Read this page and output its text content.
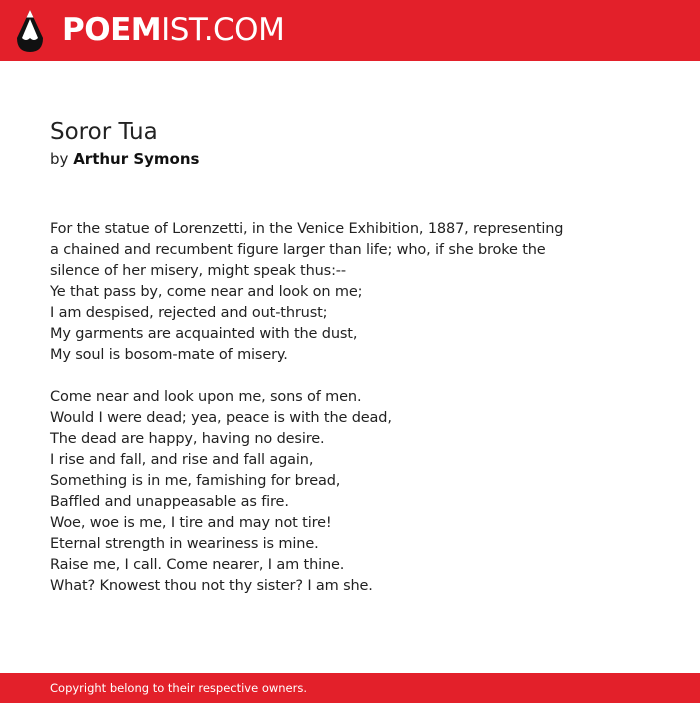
POEMIST.COM
Soror Tua
by Arthur Symons
For the statue of Lorenzetti, in the Venice Exhibition, 1887, representing
a chained and recumbent figure larger than life; who, if she broke the
silence of her misery, might speak thus:--
Ye that pass by, come near and look on me;
I am despised, rejected and out-thrust;
My garments are acquainted with the dust,
My soul is bosom-mate of misery.
Come near and look upon me, sons of men.
Would I were dead; yea, peace is with the dead,
The dead are happy, having no desire.
I rise and fall, and rise and fall again,
Something is in me, famishing for bread,
Baffled and unappeasable as fire.
Woe, woe is me, I tire and may not tire!
Eternal strength in weariness is mine.
Raise me, I call. Come nearer, I am thine.
What? Knowest thou not thy sister? I am she.
Copyright belong to their respective owners.
